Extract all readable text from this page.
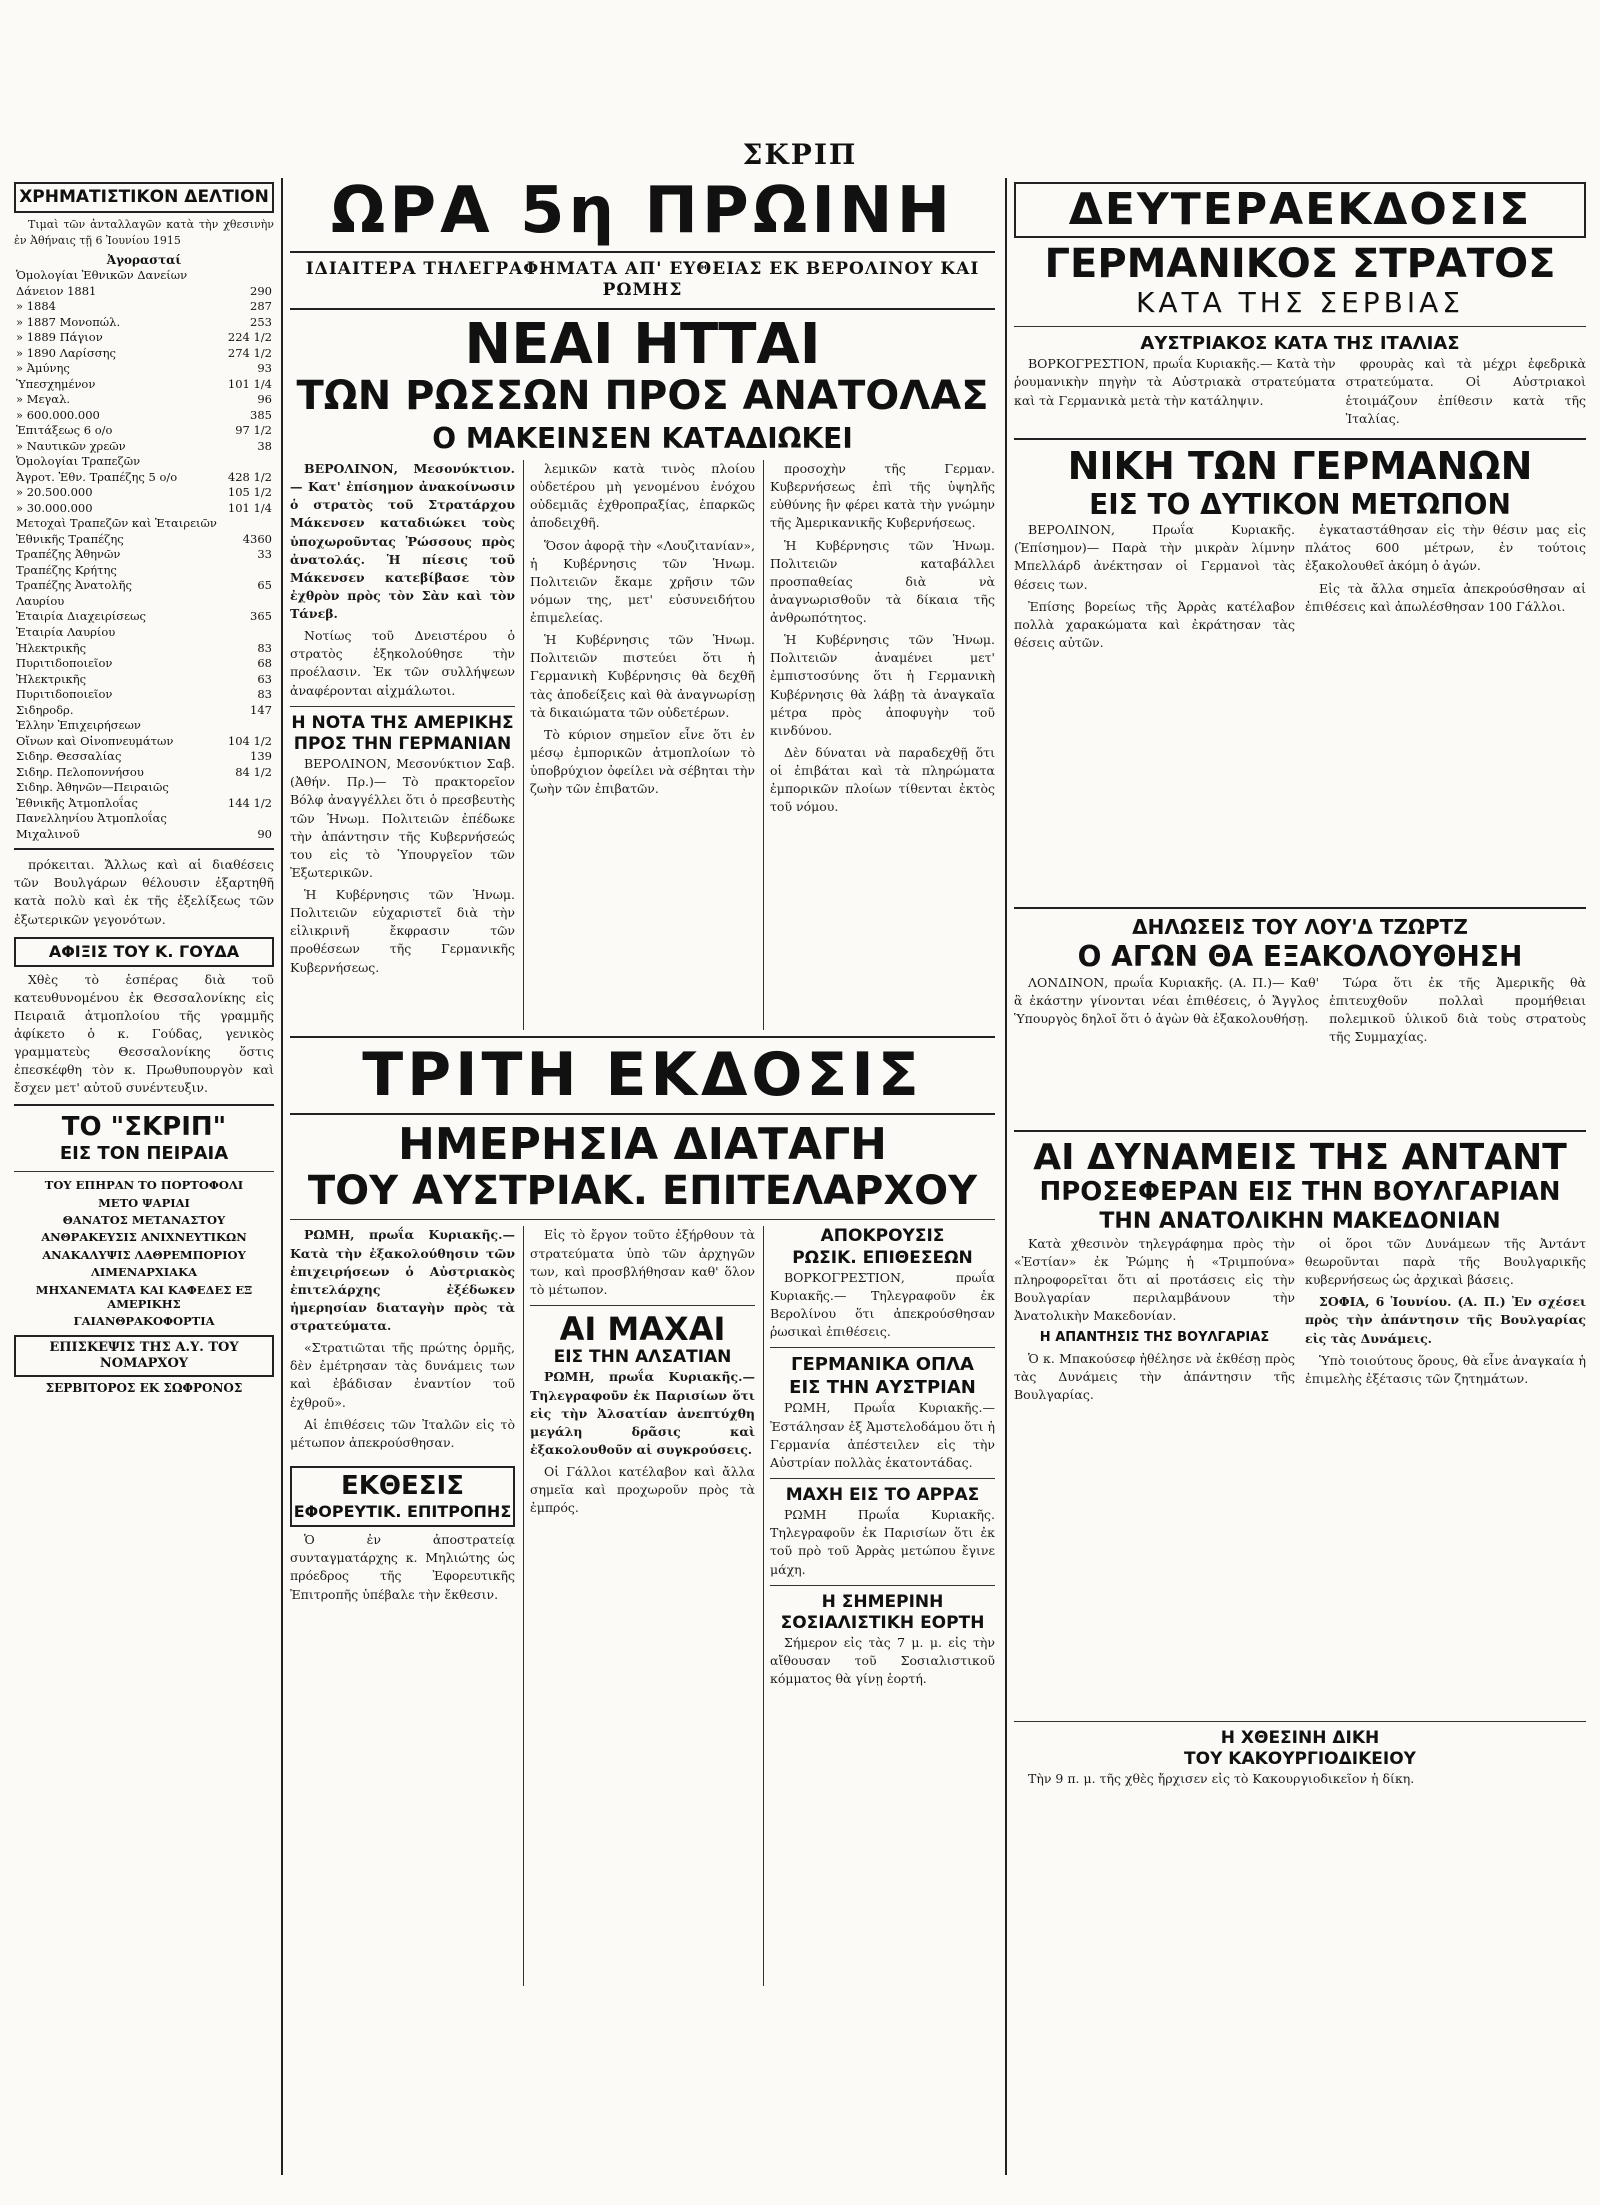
ΣΚΡΙΠ
ΧΡΗΜΑΤΙΣΤΙΚΟΝ ΔΕΛΤΙΟΝ

Τιμαὶ τῶν ἀνταλλαγῶν κατὰ τὴν χθεσινὴν ἐν Ἀθήναις τῇ 6 Ἰουνίου 1915

Ἀγορασταί
Ὁμολογίαι Ἐθνικῶν Δανείων	
Δάνειον 1881	290
» 1884	287
» 1887 Μονοπώλ.	253
» 1889 Πάγιον	224 1/2
» 1890 Λαρίσσης	274 1/2
» Ἀμύνης	93
Ὑπεσχημένον	101 1/4
» Μεγαλ.	96
» 600.000.000	385
Ἐπιτάξεως 6 ο/ο	97 1/2
» Ναυτικῶν χρεῶν	38
Ὁμολογίαι Τραπεζῶν	
Ἀγροτ. Ἐθν. Τραπέζης 5 ο/ο	428 1/2
» 20.500.000	105 1/2
» 30.000.000	101 1/4
Μετοχαὶ Τραπεζῶν καὶ Ἑταιρειῶν	
Ἐθνικῆς Τραπέζης	4360
Τραπέζης Ἀθηνῶν	33
Τραπέζης Κρήτης	
Τραπέζης Ἀνατολῆς	65
Λαυρίου	
Ἑταιρία Διαχειρίσεως	365
Ἑταιρία Λαυρίου	
Ἠλεκτρικῆς	83
Πυριτιδοποιεῖον	68
Ἠλεκτρικῆς	63
Πυριτιδοποιεῖον	83
Σιδηροδρ.	147
Ἑλλην Ἐπιχειρήσεων	
Οἴνων καὶ Οἰνοπνευμάτων	104 1/2
Σιδηρ. Θεσσαλίας	139
Σιδηρ. Πελοποννήσου	84 1/2
Σιδηρ. Ἀθηνῶν—Πειραιῶς	
Ἐθνικῆς Ἀτμοπλοΐας	144 1/2
Πανελληνίου Ἀτμοπλοΐας	
Μιχαλινοῦ	90

πρόκειται. Ἄλλως καὶ αἱ διαθέσεις τῶν Βουλγάρων θέλουσιν ἐξαρτηθῆ κατὰ πολὺ καὶ ἐκ τῆς ἐξελίξεως τῶν ἐξωτερικῶν γεγονότων.

ΑΦΙΞΙΣ ΤΟΥ Κ. ΓΟΥΔΑ

Χθὲς τὸ ἑσπέρας διὰ τοῦ κατευθυνομένου ἐκ Θεσσαλονίκης εἰς Πειραιᾶ ἀτμοπλοίου τῆς γραμμῆς ἀφίκετο ὁ κ. Γούδας, γενικὸς γραμματεὺς Θεσσαλονίκης ὅστις ἐπεσκέφθη τὸν κ. Πρωθυπουργὸν καὶ ἔσχεν μετ' αὐτοῦ συνέντευξιν.

ΤΟ "ΣΚΡΙΠ"
ΕΙΣ ΤΟΝ ΠΕΙΡΑΙΑ
ΤΟΥ ΕΠΗΡΑΝ ΤΟ ΠΟΡΤΟΦΟΛΙ
ΜΕΤΟ ΨΑΡΙΑΙ
ΘΑΝΑΤΟΣ ΜΕΤΑΝΑΣΤΟΥ
ΑΝΘΡΑΚΕΥΣΙΣ ΑΝΙΧΝΕΥΤΙΚΩΝ
ΑΝΑΚΑΛΥΨΙΣ ΛΑΘΡΕΜΠΟΡΙΟΥ
ΛΙΜΕΝΑΡΧΙΑΚΑ
ΜΗΧΑΝΕΜΑΤΑ ΚΑΙ ΚΑΦΕΔΕΣ ΕΞ ΑΜΕΡΙΚΗΣ
ΓΑΙΑΝΘΡΑΚΟΦΟΡΤΙΑ
ΕΠΙΣΚΕΨΙΣ ΤΗΣ Α.Υ. ΤΟΥ ΝΟΜΑΡΧΟΥ
ΣΕΡΒΙΤΟΡΟΣ ΕΚ ΣΩΦΡΟΝΟΣ
ΩΡΑ 5η ΠΡΩΙΝΗ
ΙΔΙΑΙΤΕΡΑ ΤΗΛΕΓΡΑΦΗΜΑΤΑ ΑΠ' ΕΥΘΕΙΑΣ ΕΚ ΒΕΡΟΛΙΝΟΥ ΚΑΙ ΡΩΜΗΣ
ΝΕΑΙ ΗΤΤΑΙ
ΤΩΝ ΡΩΣΣΩΝ ΠΡΟΣ ΑΝΑΤΟΛΑΣ
Ο ΜΑΚΕΙΝΣΕΝ ΚΑΤΑΔΙΩΚΕΙ

ΒΕΡΟΛΙΝΟΝ, Μεσονύκτιον.— Κατ' ἐπίσημον ἀνακοίνωσιν ὁ στρατὸς τοῦ Στρατάρχου Μάκενσεν καταδιώκει τοὺς ὑποχωροῦντας Ῥώσσους πρὸς ἀνατολάς. Ἡ πίεσις τοῦ Μάκενσεν κατεβίβασε τὸν ἐχθρὸν πρὸς τὸν Σὰν καὶ τὸν Τάνεβ.

Νοτίως τοῦ Δνειστέρου ὁ στρατὸς ἐξηκολούθησε τὴν προέλασιν. Ἐκ τῶν συλλήψεων ἀναφέρονται αἰχμάλωτοι.

Η ΝΟΤΑ ΤΗΣ ΑΜΕΡΙΚΗΣ
ΠΡΟΣ ΤΗΝ ΓΕΡΜΑΝΙΑΝ

ΒΕΡΟΛΙΝΟΝ, Μεσονύκτιον Σαβ. (Ἀθήν. Πρ.)— Τὸ πρακτορεῖον Βόλφ ἀναγγέλλει ὅτι ὁ πρεσβευτὴς τῶν Ἡνωμ. Πολιτειῶν ἐπέδωκε τὴν ἀπάντησιν τῆς Κυβερνήσεώς του εἰς τὸ Ὑπουργεῖον τῶν Ἐξωτερικῶν.

Ἡ Κυβέρνησις τῶν Ἡνωμ. Πολιτειῶν εὐχαριστεῖ διὰ τὴν εἰλικρινῆ ἔκφρασιν τῶν προθέσεων τῆς Γερμανικῆς Κυβερνήσεως.

λεμικῶν κατὰ τινὸς πλοίου οὐδετέρου μὴ γενομένου ἐνόχου οὐδεμιᾶς ἐχθροπραξίας, ἐπαρκῶς ἀποδειχθῆ.

Ὅσον ἀφορᾷ τὴν «Λουζιτανίαν», ἡ Κυβέρνησις τῶν Ἡνωμ. Πολιτειῶν ἔκαμε χρῆσιν τῶν νόμων της, μετ' εὐσυνειδήτου ἐπιμελείας.

Ἡ Κυβέρνησις τῶν Ἡνωμ. Πολιτειῶν πιστεύει ὅτι ἡ Γερμανικὴ Κυβέρνησις θὰ δεχθῆ τὰς ἀποδείξεις καὶ θὰ ἀναγνωρίσῃ τὰ δικαιώματα τῶν οὐδετέρων.

Τὸ κύριον σημεῖον εἶνε ὅτι ἐν μέσῳ ἐμπορικῶν ἀτμοπλοίων τὸ ὑποβρύχιον ὀφείλει νὰ σέβηται τὴν ζωὴν τῶν ἐπιβατῶν.

προσοχὴν τῆς Γερμαν. Κυβερνήσεως ἐπὶ τῆς ὑψηλῆς εὐθύνης ἣν φέρει κατὰ τὴν γνώμην τῆς Ἀμερικανικῆς Κυβερνήσεως.

Ἡ Κυβέρνησις τῶν Ἡνωμ. Πολιτειῶν καταβάλλει προσπαθείας διὰ νὰ ἀναγνωρισθοῦν τὰ δίκαια τῆς ἀνθρωπότητος.

Ἡ Κυβέρνησις τῶν Ἡνωμ. Πολιτειῶν ἀναμένει μετ' ἐμπιστοσύνης ὅτι ἡ Γερμανικὴ Κυβέρνησις θὰ λάβῃ τὰ ἀναγκαῖα μέτρα πρὸς ἀποφυγὴν τοῦ κινδύνου.

Δὲν δύναται νὰ παραδεχθῇ ὅτι οἱ ἐπιβάται καὶ τὰ πληρώματα ἐμπορικῶν πλοίων τίθενται ἐκτὸς τοῦ νόμου.

ΤΡΙΤΗ ΕΚΔΟΣΙΣ
ΗΜΕΡΗΣΙΑ ΔΙΑΤΑΓΗ
ΤΟΥ ΑΥΣΤΡΙΑΚ. ΕΠΙΤΕΛΑΡΧΟΥ

ΡΩΜΗ, πρωΐα Κυριακῆς.— Κατὰ τὴν ἐξακολούθησιν τῶν ἐπιχειρήσεων ὁ Αὐστριακὸς ἐπιτελάρχης ἐξέδωκεν ἡμερησίαν διαταγὴν πρὸς τὰ στρατεύματα.

«Στρατιῶται τῆς πρώτης ὁρμῆς, δὲν ἐμέτρησαν τὰς δυνάμεις των καὶ ἐβάδισαν ἐναντίον τοῦ ἐχθροῦ».

Αἱ ἐπιθέσεις τῶν Ἰταλῶν εἰς τὸ μέτωπον ἀπεκρούσθησαν.

ΕΚΘΕΣΙΣ
ΕΦΟΡΕΥΤΙΚ. ΕΠΙΤΡΟΠΗΣ

Ὁ ἐν ἀποστρατείᾳ συνταγματάρχης κ. Μηλιώτης ὡς πρόεδρος τῆς Ἐφορευτικῆς Ἐπιτροπῆς ὑπέβαλε τὴν ἔκθεσιν.

Εἰς τὸ ἔργον τοῦτο ἐξήρθουν τὰ στρατεύματα ὑπὸ τῶν ἀρχηγῶν των, καὶ προσβλήθησαν καθ' ὅλον τὸ μέτωπον.

ΑΙ ΜΑΧΑΙ
ΕΙΣ ΤΗΝ ΑΛΣΑΤΙΑΝ

ΡΩΜΗ, πρωΐα Κυριακῆς.— Τηλεγραφοῦν ἐκ Παρισίων ὅτι εἰς τὴν Ἀλσατίαν ἀνεπτύχθη μεγάλη δρᾶσις καὶ ἐξακολουθοῦν αἱ συγκρούσεις.

Οἱ Γάλλοι κατέλαβον καὶ ἄλλα σημεῖα καὶ προχωροῦν πρὸς τὰ ἐμπρός.

ΑΠΟΚΡΟΥΣΙΣ
ΡΩΣΙΚ. ΕΠΙΘΕΣΕΩΝ

ΒΟΡΚΟΓΡΕΣΤΙΟΝ, πρωΐα Κυριακῆς.— Τηλεγραφοῦν ἐκ Βερολίνου ὅτι ἀπεκρούσθησαν ῥωσικαὶ ἐπιθέσεις.

ΓΕΡΜΑΝΙΚΑ ΟΠΛΑ
ΕΙΣ ΤΗΝ ΑΥΣΤΡΙΑΝ

ΡΩΜΗ, Πρωΐα Κυριακῆς.— Ἐστάλησαν ἐξ Ἀμστελοδάμου ὅτι ἡ Γερμανία ἀπέστειλεν εἰς τὴν Αὐστρίαν πολλὰς ἑκατοντάδας.

ΜΑΧΗ ΕΙΣ ΤΟ ΑΡΡΑΣ

ΡΩΜΗ Πρωΐα Κυριακῆς. Τηλεγραφοῦν ἐκ Παρισίων ὅτι ἐκ τοῦ πρὸ τοῦ Ἀρρὰς μετώπου ἔγινε μάχη.

Η ΣΗΜΕΡΙΝΗ
ΣΟΣΙΑΛΙΣΤΙΚΗ ΕΟΡΤΗ

Σήμερον εἰς τὰς 7 μ. μ. εἰς τὴν αἴθουσαν τοῦ Σοσιαλιστικοῦ κόμματος θὰ γίνῃ ἑορτή.

ΔΕΥΤΕΡΑΕΚΔΟΣΙΣ
ΓΕΡΜΑΝΙΚΟΣ ΣΤΡΑΤΟΣ
ΚΑΤΑ ΤΗΣ ΣΕΡΒΙΑΣ
ΑΥΣΤΡΙΑΚΟΣ ΚΑΤΑ ΤΗΣ ΙΤΑΛΙΑΣ

ΒΟΡΚΟΓΡΕΣΤΙΟΝ, πρωΐα Κυριακῆς.— Κατὰ τὴν ῥουμανικὴν πηγὴν τὰ Αὐστριακὰ στρατεύματα καὶ τὰ Γερμανικὰ μετὰ τὴν κατάληψιν.

φρουρὰς καὶ τὰ μέχρι ἐφεδρικὰ στρατεύματα. Οἱ Αὐστριακοὶ ἑτοιμάζουν ἐπίθεσιν κατὰ τῆς Ἰταλίας.

ΝΙΚΗ ΤΩΝ ΓΕΡΜΑΝΩΝ
ΕΙΣ ΤΟ ΔΥΤΙΚΟΝ ΜΕΤΩΠΟΝ

ΒΕΡΟΛΙΝΟΝ, Πρωΐα Κυριακῆς. (Ἐπίσημον)— Παρὰ τὴν μικρὰν λίμνην Μπελλάρδ ἀνέκτησαν οἱ Γερμανοὶ τὰς θέσεις των.

Ἐπίσης βορείως τῆς Ἀρρὰς κατέλαβον πολλὰ χαρακώματα καὶ ἐκράτησαν τὰς θέσεις αὐτῶν.

ἐγκαταστάθησαν εἰς τὴν θέσιν μας εἰς πλάτος 600 μέτρων, ἐν τούτοις ἐξακολουθεῖ ἀκόμη ὁ ἀγών.

Εἰς τὰ ἄλλα σημεῖα ἀπεκρούσθησαν αἱ ἐπιθέσεις καὶ ἀπωλέσθησαν 100 Γάλλοι.

ΔΗΛΩΣΕΙΣ ΤΟΥ ΛΟΥ'Δ ΤΖΩΡΤΖ
Ο ΑΓΩΝ ΘΑ ΕΞΑΚΟΛΟΥΘΗΣΗ

ΛΟΝΔΙΝΟΝ, πρωΐα Κυριακῆς. (Α. Π.)— Καθ' ἃ ἐκάστην γίνονται νέαι ἐπιθέσεις, ὁ Ἄγγλος Ὑπουργὸς δηλοῖ ὅτι ὁ ἀγὼν θὰ ἐξακολουθήσῃ.

Τώρα ὅτι ἐκ τῆς Ἀμερικῆς θὰ ἐπιτευχθοῦν πολλαὶ προμήθειαι πολεμικοῦ ὑλικοῦ διὰ τοὺς στρατοὺς τῆς Συμμαχίας.

ΑΙ ΔΥΝΑΜΕΙΣ ΤΗΣ ΑΝΤΑΝΤ
ΠΡΟΣΕΦΕΡΑΝ ΕΙΣ ΤΗΝ ΒΟΥΛΓΑΡΙΑΝ
ΤΗΝ ΑΝΑΤΟΛΙΚΗΝ ΜΑΚΕΔΟΝΙΑΝ

Κατὰ χθεσινὸν τηλεγράφημα πρὸς τὴν «Ἐστίαν» ἐκ Ῥώμης ἡ «Τριμπούνα» πληροφορεῖται ὅτι αἱ προτάσεις εἰς τὴν Βουλγαρίαν περιλαμβάνουν τὴν Ἀνατολικὴν Μακεδονίαν.

Η ΑΠΑΝΤΗΣΙΣ ΤΗΣ ΒΟΥΛΓΑΡΙΑΣ

Ὁ κ. Μπακούσεφ ἠθέλησε νὰ ἐκθέσῃ πρὸς τὰς Δυνάμεις τὴν ἀπάντησιν τῆς Βουλγαρίας.

οἱ ὅροι τῶν Δυνάμεων τῆς Ἀντάντ θεωροῦνται παρὰ τῆς Βουλγαρικῆς κυβερνήσεως ὡς ἀρχικαὶ βάσεις.

ΣΟΦΙΑ, 6 Ἰουνίου. (Α. Π.) Ἐν σχέσει πρὸς τὴν ἀπάντησιν τῆς Βουλγαρίας εἰς τὰς Δυνάμεις.

Ὑπὸ τοιούτους ὅρους, θὰ εἶνε ἀναγκαία ἡ ἐπιμελὴς ἐξέτασις τῶν ζητημάτων.

Η ΧΘΕΣΙΝΗ ΔΙΚΗ
ΤΟΥ ΚΑΚΟΥΡΓΙΟΔΙΚΕΙΟΥ

Τὴν 9 π. μ. τῆς χθὲς ἤρχισεν εἰς τὸ Κακουργιοδικεῖον ἡ δίκη.
